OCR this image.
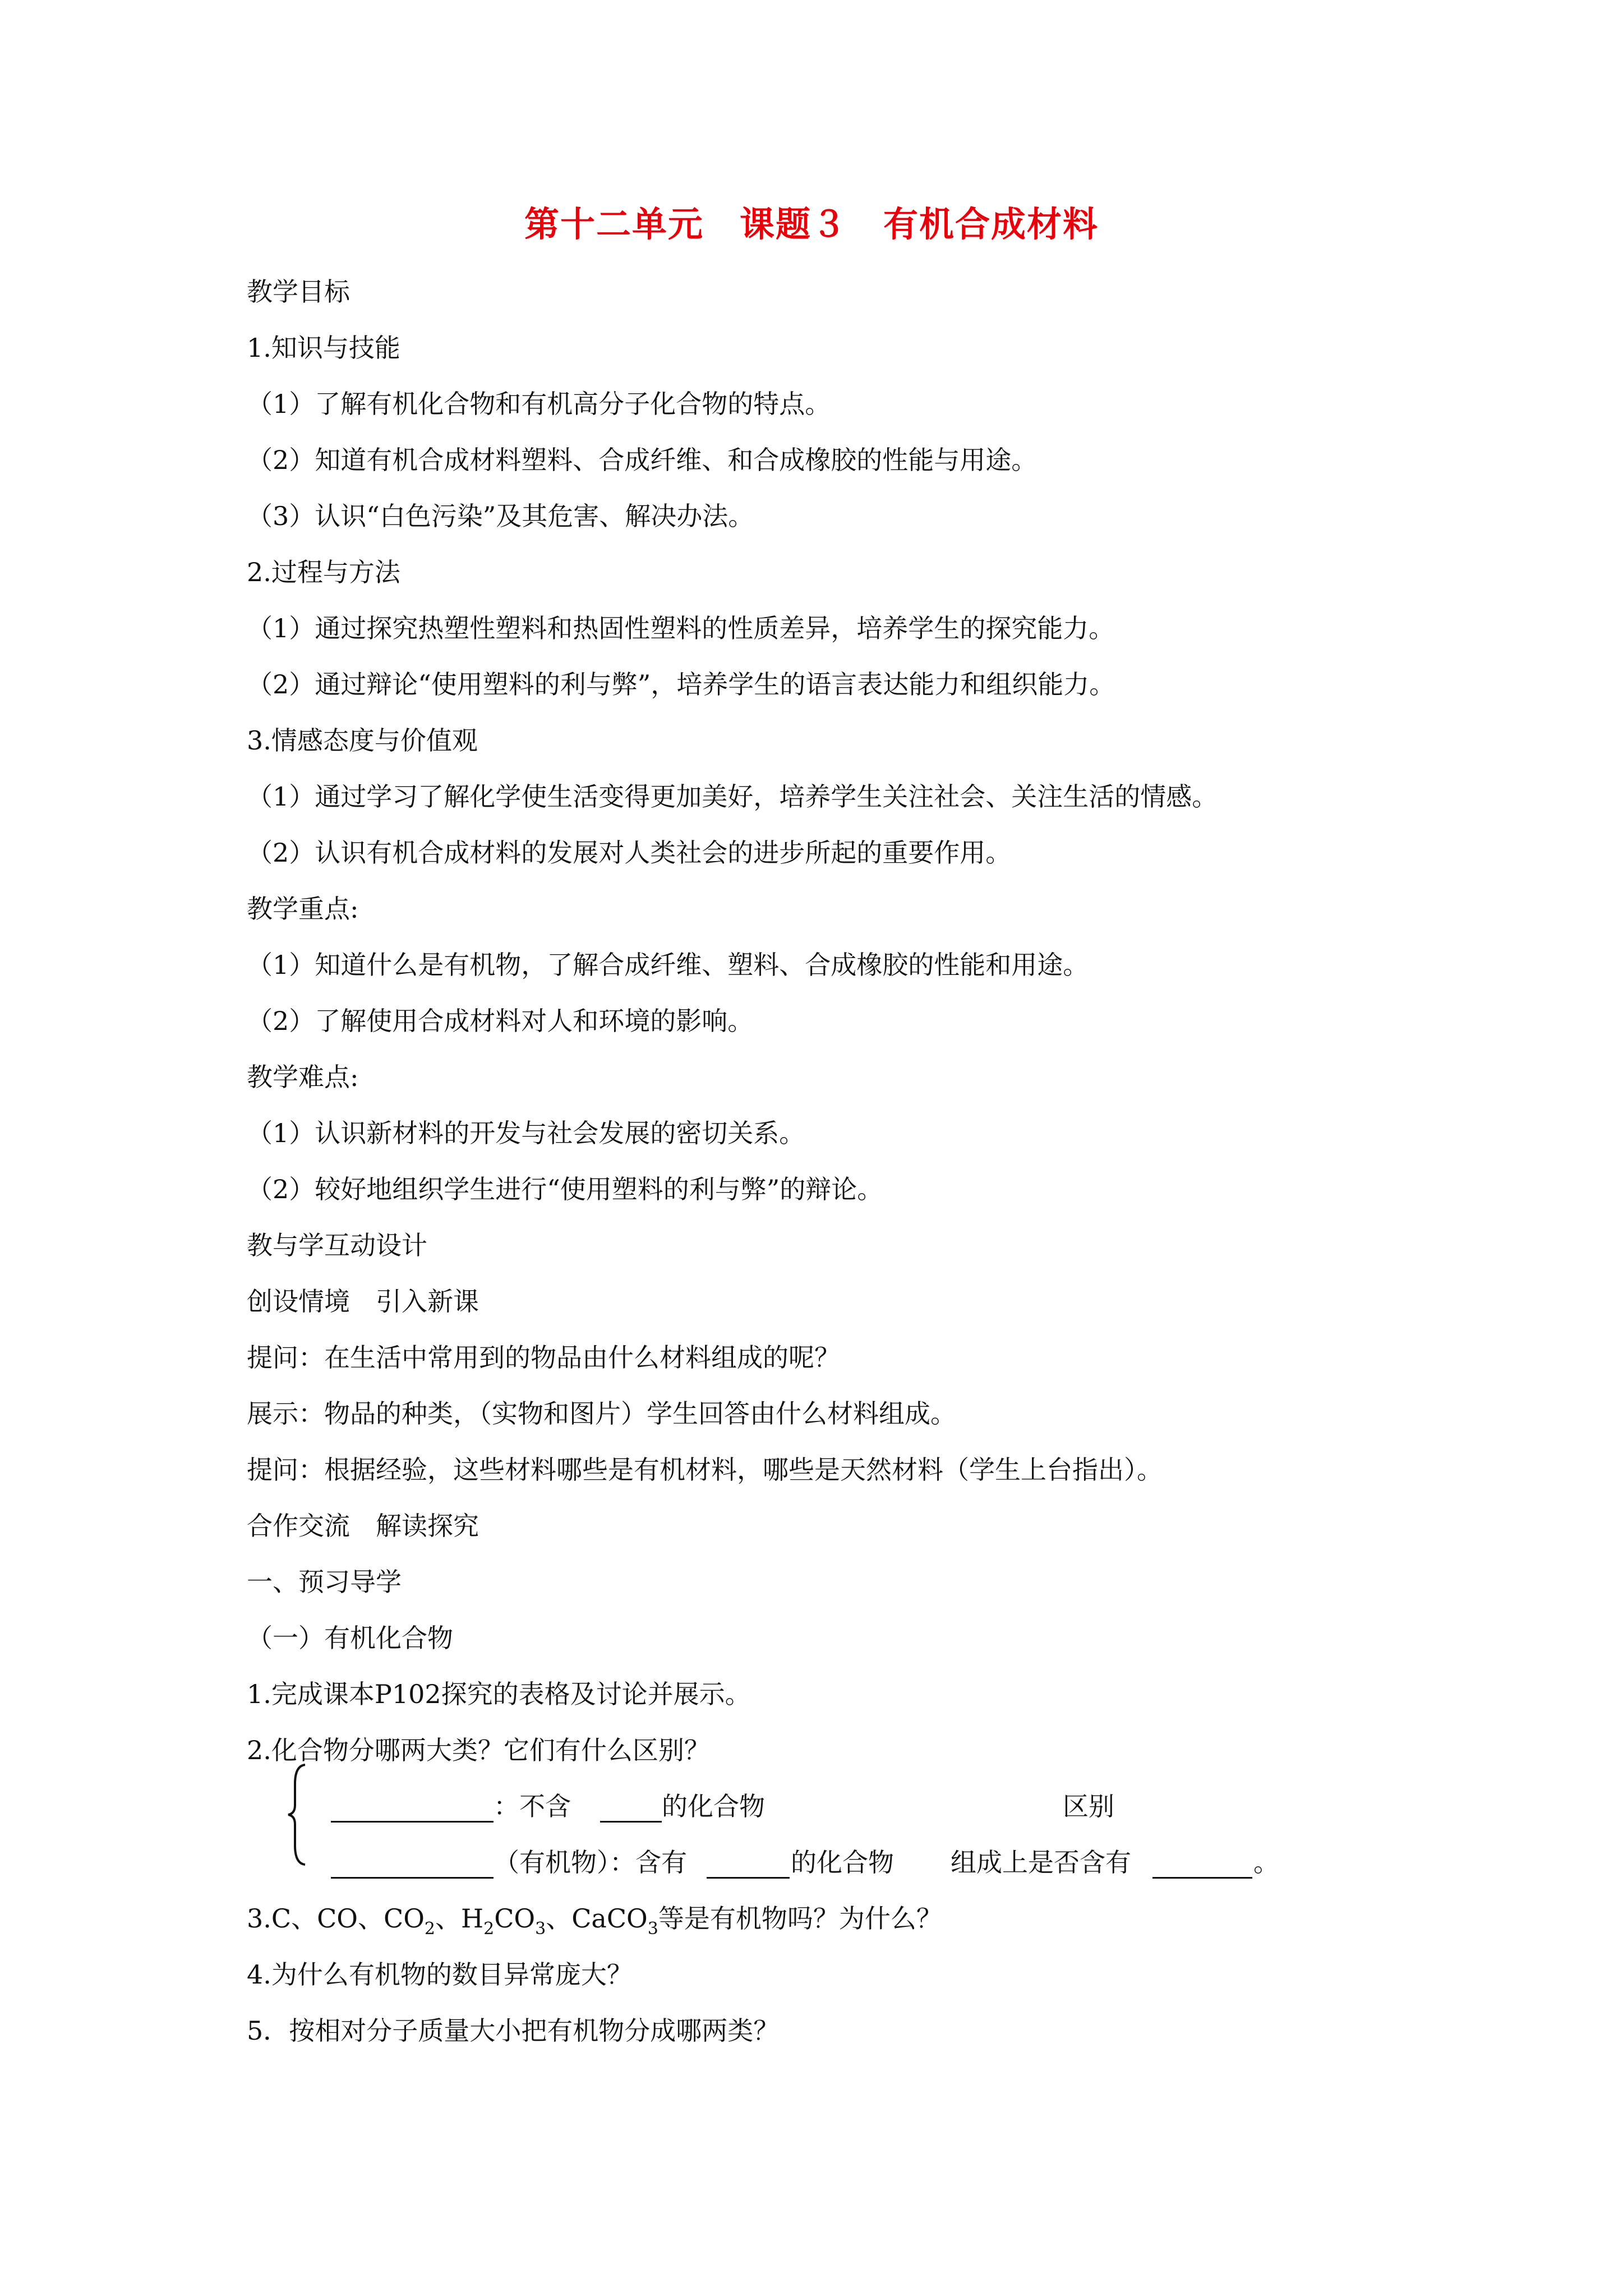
第十二单元　课题３　有机合成材料
教学目标
1.知识与技能
（1）了解有机化合物和有机高分子化合物的特点。
（2）知道有机合成材料塑料、合成纤维、和合成橡胶的性能与用途。
（3）认识“白色污染”及其危害、解决办法。
2.过程与方法
（1）通过探究热塑性塑料和热固性塑料的性质差异，培养学生的探究能力。
（2）通过辩论“使用塑料的利与弊”，培养学生的语言表达能力和组织能力。
3.情感态度与价值观
（1）通过学习了解化学使生活变得更加美好，培养学生关注社会、关注生活的情感。
（2）认识有机合成材料的发展对人类社会的进步所起的重要作用。
教学重点:
（1）知道什么是有机物，了解合成纤维、塑料、合成橡胶的性能和用途。
（2）了解使用合成材料对人和环境的影响。
教学难点:
（1）认识新材料的开发与社会发展的密切关系。
（2）较好地组织学生进行“使用塑料的利与弊”的辩论。
教与学互动设计
创设情境　引入新课
提问：在生活中常用到的物品由什么材料组成的呢？
展示：物品的种类，（实物和图片）学生回答由什么材料组成。
提问：根据经验，这些材料哪些是有机材料，哪些是天然材料（学生上台指出）。
合作交流　解读探究
一、预习导学
（一）有机化合物
1.完成课本P102探究的表格及讨论并展示。
2.化合物分哪两大类？它们有什么区别？
：不含	的化合物	区别
（有机物）：含有	的化合物 组成上是否含有	。
3.C、CO、$CO_2$、$H_2CO_3$、CaCO$_3$等是有机物吗？为什么？
4.为什么有机物的数目异常庞大？
5．按相对分子质量大小把有机物分成哪两类？
